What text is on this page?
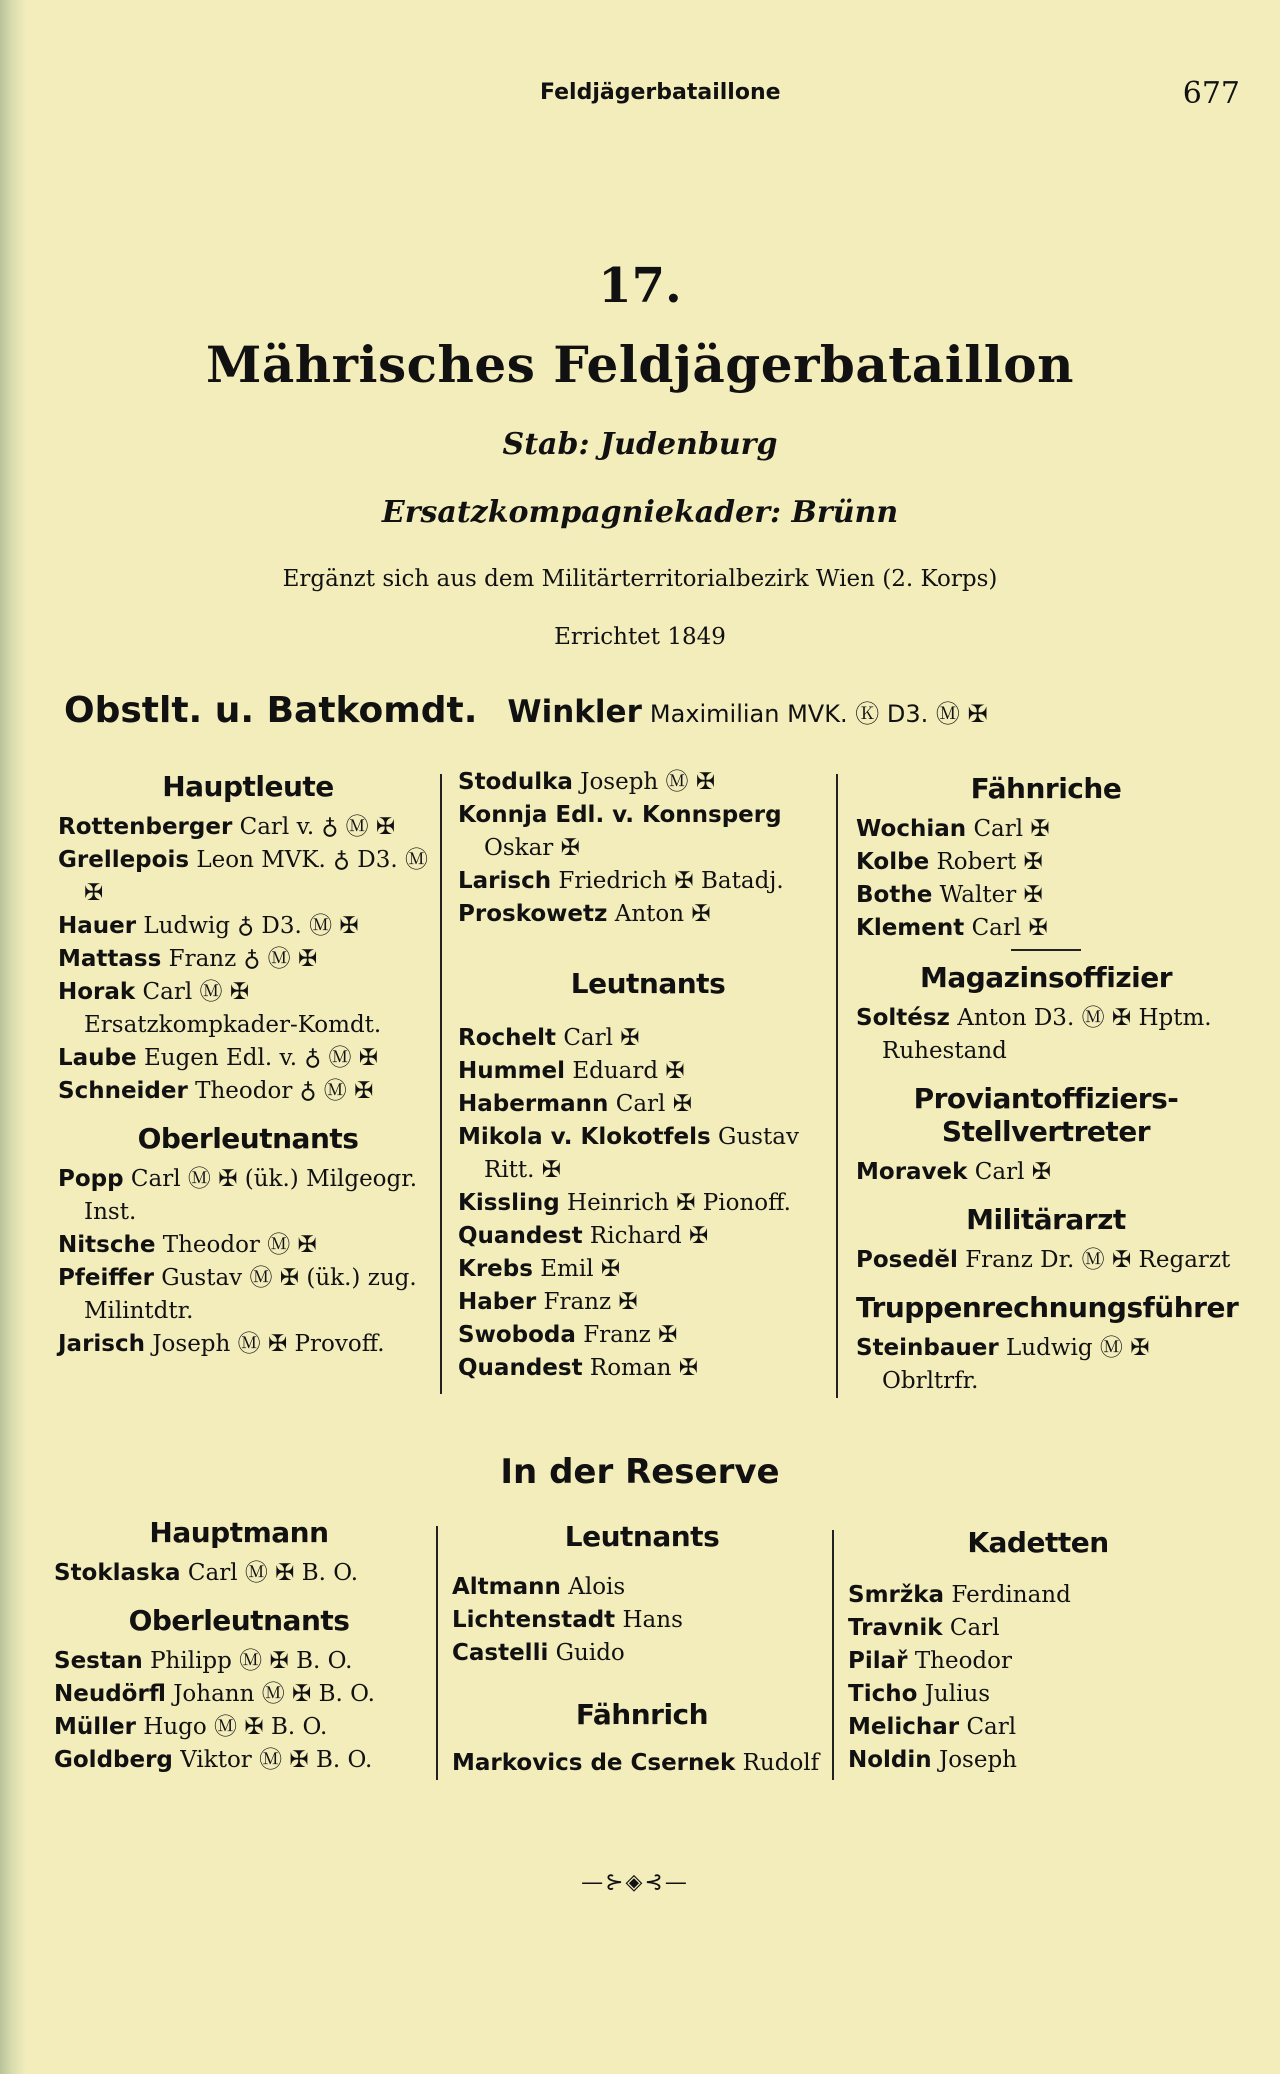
Feldjägerbataillone	677
17.
Mährisches Feldjägerbataillon
Stab: Judenburg
Ersatzkompagniekader: Brünn
Ergänzt sich aus dem Militärterritorialbezirk Wien (2. Korps)
Errichtet 1849
Obstlt. u. Batkomdt. Winkler Maximilian MVK. Ⓚ D3. Ⓜ ✠
Hauptleute

Rottenberger Carl v. ♁ Ⓜ ✠

Grellepois Leon MVK. ♁ D3. Ⓜ ✠

Hauer Ludwig ♁ D3. Ⓜ ✠

Mattass Franz ♁ Ⓜ ✠

Horak Carl Ⓜ ✠ Ersatzkompkader-Komdt.

Laube Eugen Edl. v. ♁ Ⓜ ✠

Schneider Theodor ♁ Ⓜ ✠

Oberleutnants

Popp Carl Ⓜ ✠ (ük.) Milgeogr. Inst.

Nitsche Theodor Ⓜ ✠

Pfeiffer Gustav Ⓜ ✠ (ük.) zug. Milintdtr.

Jarisch Joseph Ⓜ ✠ Provoff.

Stodulka Joseph Ⓜ ✠

Konnja Edl. v. Konnsperg Oskar ✠

Larisch Friedrich ✠ Batadj.

Proskowetz Anton ✠

Leutnants

Rochelt Carl ✠

Hummel Eduard ✠

Habermann Carl ✠

Mikola v. Klokotfels Gustav Ritt. ✠

Kissling Heinrich ✠ Pionoff.

Quandest Richard ✠

Krebs Emil ✠

Haber Franz ✠

Swoboda Franz ✠

Quandest Roman ✠

Fähnriche

Wochian Carl ✠

Kolbe Robert ✠

Bothe Walter ✠

Klement Carl ✠

Magazinsoffizier

Soltész Anton D3. Ⓜ ✠ Hptm. Ruhestand

Proviantoffiziers-Stellvertreter

Moravek Carl ✠

Militärarzt

Posedĕl Franz Dr. Ⓜ ✠ Regarzt

Truppenrechnungsführer

Steinbauer Ludwig Ⓜ ✠ Obrltrfr.

In der Reserve
Hauptmann

Stoklaska Carl Ⓜ ✠ B. O.

Oberleutnants

Sestan Philipp Ⓜ ✠ B. O.

Neudörfl Johann Ⓜ ✠ B. O.

Müller Hugo Ⓜ ✠ B. O.

Goldberg Viktor Ⓜ ✠ B. O.

Leutnants

Altmann Alois

Lichtenstadt Hans

Castelli Guido

Fähnrich

Markovics de Csernek Rudolf

Kadetten

Smržka Ferdinand

Travnik Carl

Pilař Theodor

Ticho Julius

Melichar Carl

Noldin Joseph

—⊱◈⊰—
